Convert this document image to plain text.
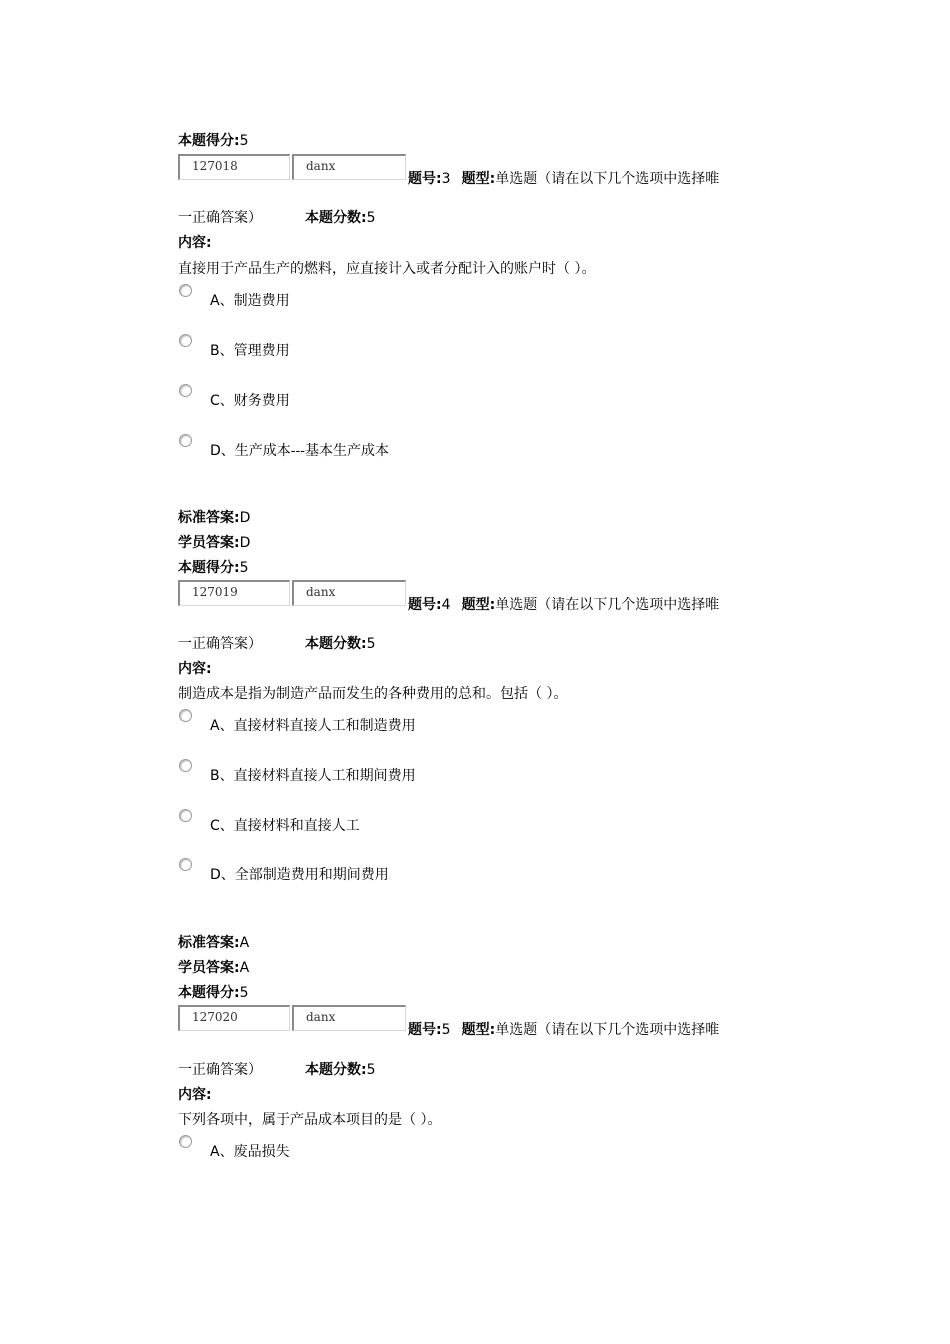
本题得分:5
127018	danx
题号:3 题型:单选题（请在以下几个选项中选择唯
一正确答案）	本题分数:5
内容:
直接用于产品生产的燃料，应直接计入或者分配计入的账户时（ ）。
A、制造费用
B、管理费用
C、财务费用
D、生产成本---基本生产成本
标准答案:D
学员答案:D
本题得分:5
127019	danx
题号:4 题型:单选题（请在以下几个选项中选择唯
一正确答案）	本题分数:5
内容:
制造成本是指为制造产品而发生的各种费用的总和。包括（ ）。
A、直接材料直接人工和制造费用
B、直接材料直接人工和期间费用
C、直接材料和直接人工
D、全部制造费用和期间费用
标准答案:A
学员答案:A
本题得分:5
127020	danx
题号:5 题型:单选题（请在以下几个选项中选择唯
一正确答案）	本题分数:5
内容:
下列各项中，属于产品成本项目的是（ ）。
A、废品损失
